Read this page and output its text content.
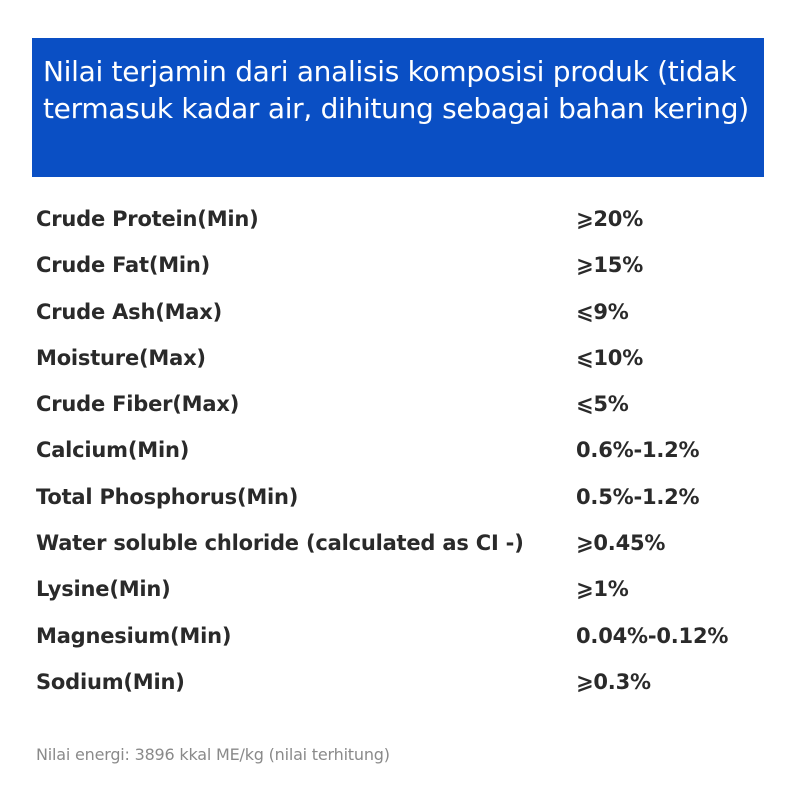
Nilai terjamin dari analisis komposisi produk (tidak termasuk kadar air, dihitung sebagai bahan kering)
Crude Protein(Min)	⩾20%
Crude Fat(Min)	⩾15%
Crude Ash(Max)	⩽9%
Moisture(Max)	⩽10%
Crude Fiber(Max)	⩽5%
Calcium(Min)	0.6%-1.2%
Total Phosphorus(Min)	0.5%-1.2%
Water soluble chloride (calculated as CI -) ⩾0.45%
Lysine(Min)	⩾1%
Magnesium(Min)	0.04%-0.12%
Sodium(Min)	⩾0.3%
Nilai energi: 3896 kkal ME/kg (nilai terhitung)
